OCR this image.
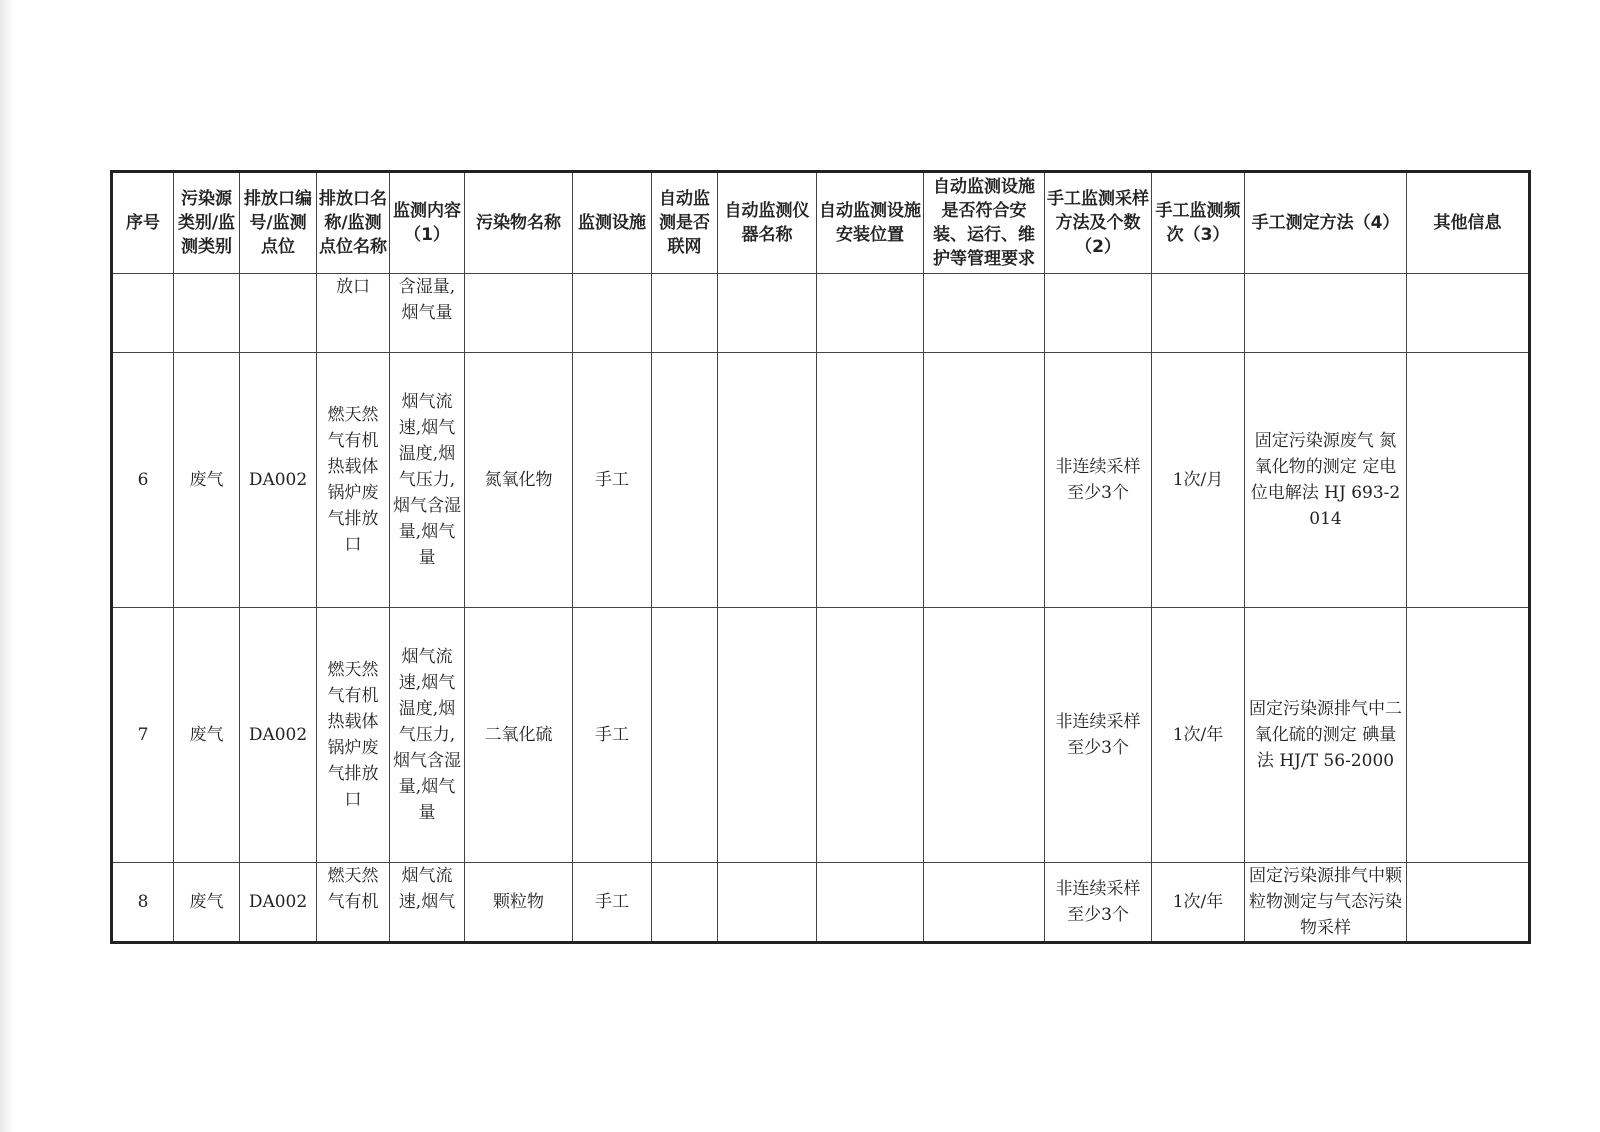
序号	污染源类别/监测类别	排放口编号/监测点位	排放口名称/监测点位名称	监测内容（1）	污染物名称	监测设施	自动监测是否联网	自动监测仪器名称	自动监测设施安装位置	自动监测设施是否符合安装、运行、维护等管理要求	手工监测采样方法及个数（2）	手工监测频次（3）	手工测定方法（4）	其他信息
			放口	含湿量,烟气量										
6	废气	DA002	燃天然气有机热载体锅炉废气排放口	烟气流速,烟气温度,烟气压力,烟气含湿量,烟气量	氮氧化物	手工					非连续采样 至少3个	1次/月	固定污染源废气 氮氧化物的测定 定电位电解法 HJ 693-2014	
7	废气	DA002	燃天然气有机热载体锅炉废气排放口	烟气流速,烟气温度,烟气压力,烟气含湿量,烟气量	二氧化硫	手工					非连续采样 至少3个	1次/年	固定污染源排气中二氧化硫的测定 碘量法 HJ/T 56-2000	
8	废气	DA002	燃天然气有机	烟气流速,烟气	颗粒物	手工					非连续采样 至少3个	1次/年	固定污染源排气中颗粒物测定与气态污染物采样	
